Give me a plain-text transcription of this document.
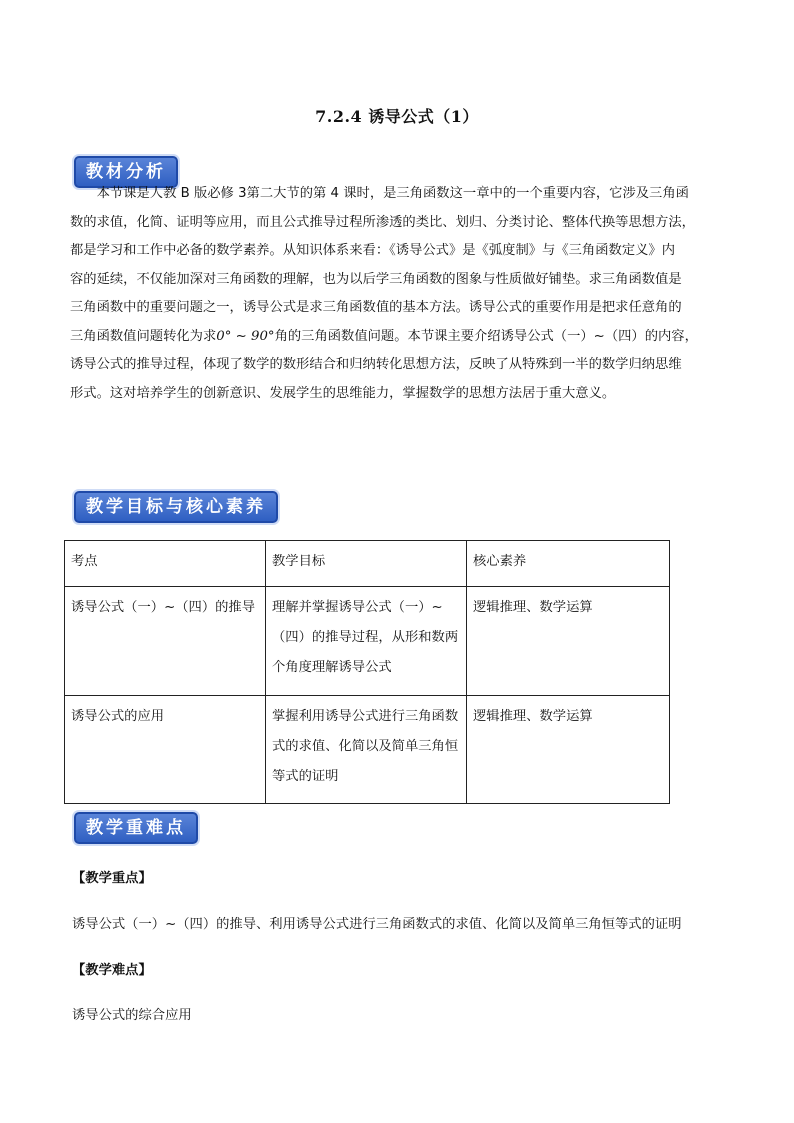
7.2.4 诱导公式（1）
教材分析
本节课是人教 B 版必修 3第二大节的第 4 课时，是三角函数这一章中的一个重要内容，它涉及三角函
数的求值，化简、证明等应用，而且公式推导过程所渗透的类比、划归、分类讨论、整体代换等思想方法，
都是学习和工作中必备的数学素养。从知识体系来看：《诱导公式》是《弧度制》与《三角函数定义》内
容的延续，不仅能加深对三角函数的理解，也为以后学三角函数的图象与性质做好铺垫。求三角函数值是
三角函数中的重要问题之一，诱导公式是求三角函数值的基本方法。诱导公式的重要作用是把求任意角的
三角函数值问题转化为求0° ~ 90°角的三角函数值问题。本节课主要介绍诱导公式（一）~（四）的内容，
诱导公式的推导过程，体现了数学的数形结合和归纳转化思想方法，反映了从特殊到一半的数学归纳思维
形式。这对培养学生的创新意识、发展学生的思维能力，掌握数学的思想方法居于重大意义。
教学目标与核心素养
考点	教学目标	核心素养
诱导公式（一）~（四）的推导	理解并掌握诱导公式（一）~（四）的推导过程，从形和数两个角度理解诱导公式	逻辑推理、数学运算
诱导公式的应用	掌握利用诱导公式进行三角函数式的求值、化简以及简单三角恒等式的证明	逻辑推理、数学运算
教学重难点
【教学重点】
诱导公式（一）~（四）的推导、利用诱导公式进行三角函数式的求值、化简以及简单三角恒等式的证明
【教学难点】
诱导公式的综合应用
